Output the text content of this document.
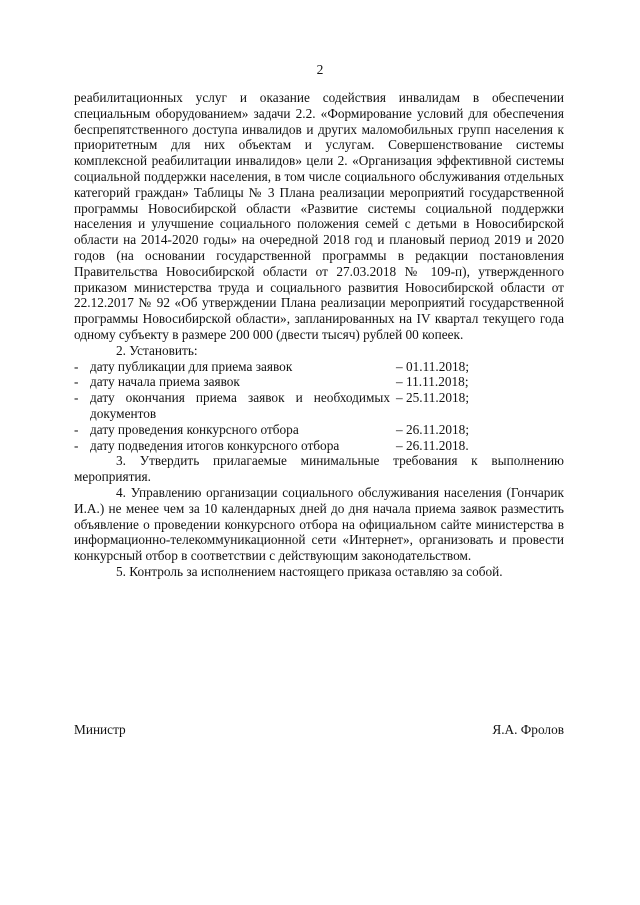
2

реабилитационных услуг и оказание содействия инвалидам в обеспечении специальным оборудованием» задачи 2.2. «Формирование условий для обеспечения беспрепятственного доступа инвалидов и других маломобильных групп населения к приоритетным для них объектам и услугам. Совершенствование системы комплексной реабилитации инвалидов» цели 2. «Организация эффективной системы социальной поддержки населения, в том числе социального обслуживания отдельных категорий граждан» Таблицы № 3 Плана реализации мероприятий государственной программы Новосибирской области «Развитие системы социальной поддержки населения и улучшение социального положения семей с детьми в Новосибирской области на 2014-2020 годы» на очередной 2018 год и плановый период 2019 и 2020 годов (на основании государственной программы в редакции постановления Правительства Новосибирской области от 27.03.2018 № 109-п), утвержденного приказом министерства труда и социального развития Новосибирской области от 22.12.2017 № 92 «Об утверждении Плана реализации мероприятий государственной программы Новосибирской области», запланированных на IV квартал текущего года одному субъекту в размере 200 000 (двести тысяч) рублей 00 копеек.

2. Установить:

- дату публикации для приема заявок	– 01.11.2018;
- дату начала приема заявок	– 11.11.2018;
- дату окончания приема заявок и необходимых документов
– 25.11.2018;
- дату проведения конкурсного отбора	– 26.11.2018;
- дату подведения итогов конкурсного отбора	– 26.11.2018.

3. Утвердить прилагаемые минимальные требования к выполнению мероприятия.

4. Управлению организации социального обслуживания населения (Гончарик И.А.) не менее чем за 10 календарных дней до дня начала приема заявок разместить объявление о проведении конкурсного отбора на официальном сайте министерства в информационно-телекоммуникационной сети «Интернет», организовать и провести конкурсный отбор в соответствии с действующим законодательством.

5. Контроль за исполнением настоящего приказа оставляю за собой.

Министр	Я.А. Фролов
